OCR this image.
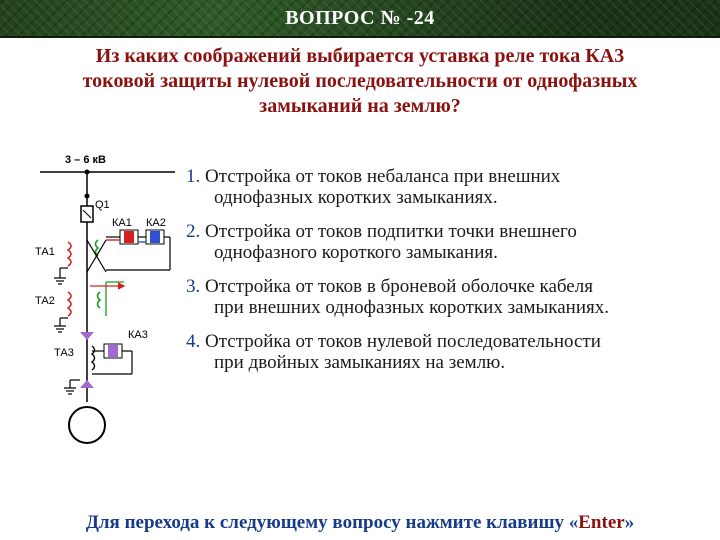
ВОПРОС № -24
Из каких соображений выбирается уставка реле тока КА3
токовой защиты нулевой последовательности от однофазных
замыканий на землю?
3 – 6 кВ
Q1
КА1 КА2
ТА1
ТА2
КА3
ТА3
1. Отстройка от токов небаланса при внешних
однофазных коротких замыканиях.
2. Отстройка от токов подпитки точки внешнего
однофазного короткого замыкания.
3. Отстройка от токов в броневой оболочке кабеля
при внешних однофазных коротких замыканиях.
4. Отстройка от токов нулевой последовательности
при двойных замыканиях на землю.
Для перехода к следующему вопросу нажмите клавишу «Enter»
